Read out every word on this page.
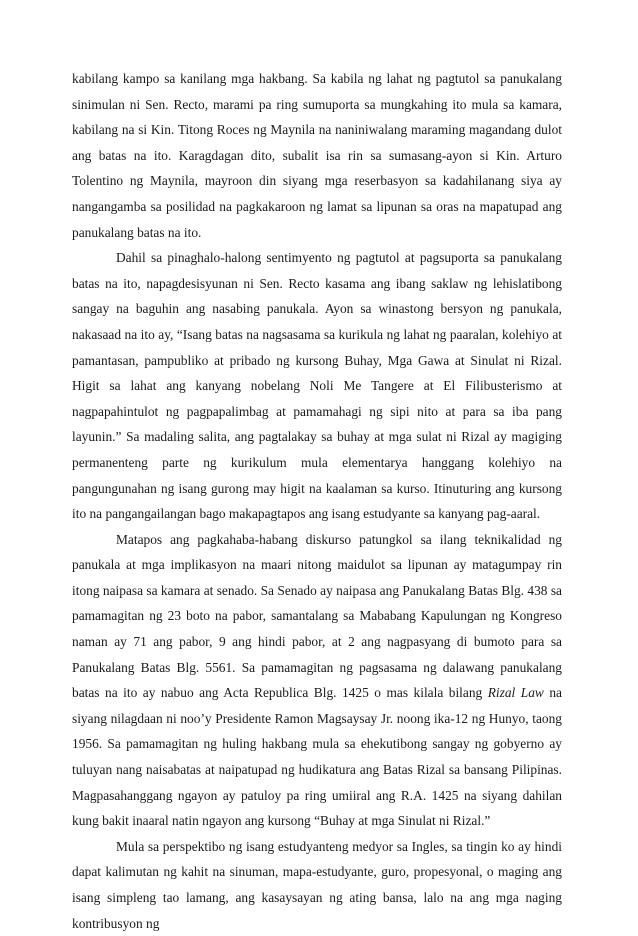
kabilang kampo sa kanilang mga hakbang. Sa kabila ng lahat ng pagtutol sa panukalang sinimulan ni Sen. Recto, marami pa ring sumuporta sa mungkahing ito mula sa kamara, kabilang na si Kin. Titong Roces ng Maynila na naniniwalang maraming magandang dulot ang batas na ito. Karagdagan dito, subalit isa rin sa sumasang-ayon si Kin. Arturo Tolentino ng Maynila, mayroon din siyang mga reserbasyon sa kadahilanang siya ay nangangamba sa posilidad na pagkakaroon ng lamat sa lipunan sa oras na mapatupad ang panukalang batas na ito.

Dahil sa pinaghalo-halong sentimyento ng pagtutol at pagsuporta sa panukalang batas na ito, napagdesisyunan ni Sen. Recto kasama ang ibang saklaw ng lehislatibong sangay na baguhin ang nasabing panukala. Ayon sa winastong bersyon ng panukala, nakasaad na ito ay, “Isang batas na nagsasama sa kurikula ng lahat ng paaralan, kolehiyo at pamantasan, pampubliko at pribado ng kursong Buhay, Mga Gawa at Sinulat ni Rizal. Higit sa lahat ang kanyang nobelang Noli Me Tangere at El Filibusterismo at nagpapahintulot ng pagpapalimbag at pamamahagi ng sipi nito at para sa iba pang layunin.” Sa madaling salita, ang pagtalakay sa buhay at mga sulat ni Rizal ay magiging permanenteng parte ng kurikulum mula elementarya hanggang kolehiyo na pangungunahan ng isang gurong may higit na kaalaman sa kurso. Itinuturing ang kursong ito na pangangailangan bago makapagtapos ang isang estudyante sa kanyang pag-aaral.

Matapos ang pagkahaba-habang diskurso patungkol sa ilang teknikalidad ng panukala at mga implikasyon na maari nitong maidulot sa lipunan ay matagumpay rin itong naipasa sa kamara at senado. Sa Senado ay naipasa ang Panukalang Batas Blg. 438 sa pamamagitan ng 23 boto na pabor, samantalang sa Mababang Kapulungan ng Kongreso naman ay 71 ang pabor, 9 ang hindi pabor, at 2 ang nagpasyang di bumoto para sa Panukalang Batas Blg. 5561. Sa pamamagitan ng pagsasama ng dalawang panukalang batas na ito ay nabuo ang Acta Republica Blg. 1425 o mas kilala bilang Rizal Law na siyang nilagdaan ni noo’y Presidente Ramon Magsaysay Jr. noong ika-12 ng Hunyo, taong 1956. Sa pamamagitan ng huling hakbang mula sa ehekutibong sangay ng gobyerno ay tuluyan nang naisabatas at naipatupad ng hudikatura ang Batas Rizal sa bansang Pilipinas. Magpasahanggang ngayon ay patuloy pa ring umiiral ang R.A. 1425 na siyang dahilan kung bakit inaaral natin ngayon ang kursong “Buhay at mga Sinulat ni Rizal.”

Mula sa perspektibo ng isang estudyanteng medyor sa Ingles, sa tingin ko ay hindi dapat kalimutan ng kahit na sinuman, mapa-estudyante, guro, propesyonal, o maging ang isang simpleng tao lamang, ang kasaysayan ng ating bansa, lalo na ang mga naging kontribusyon ng
